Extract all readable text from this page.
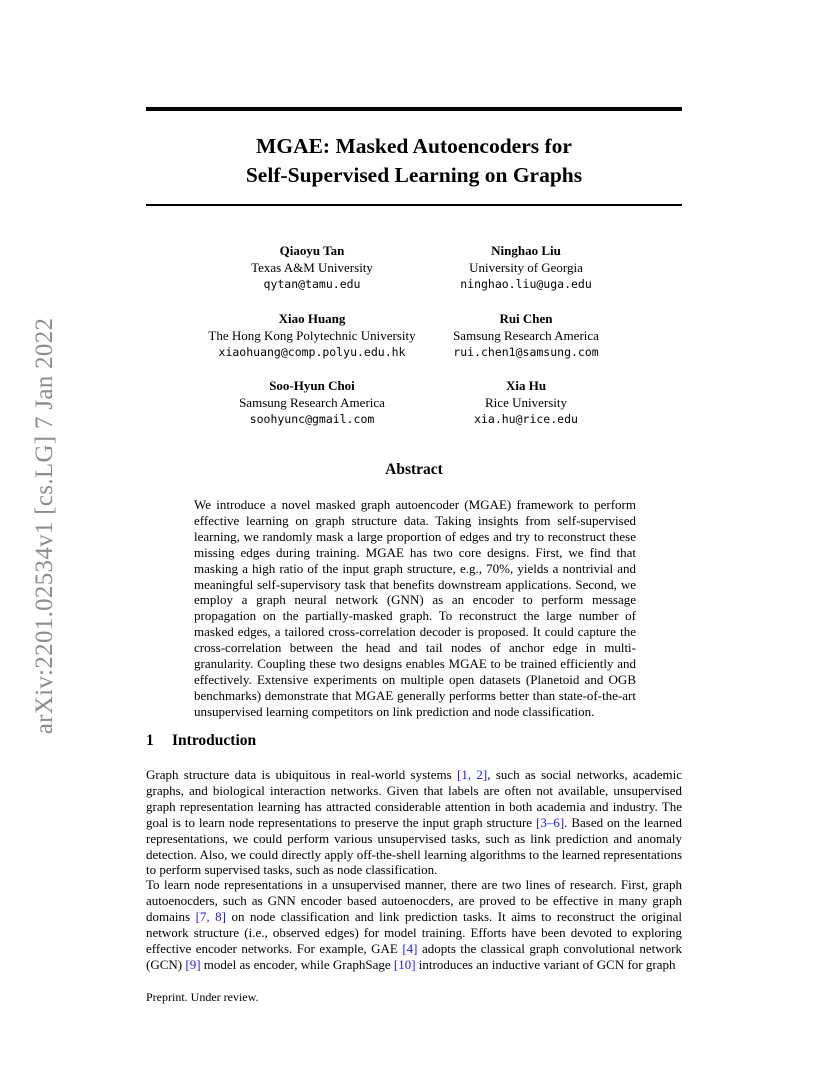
arXiv:2201.02534v1 [cs.LG] 7 Jan 2022
MGAE: Masked Autoencoders for
Self-Supervised Learning on Graphs
Qiaoyu Tan
Texas A&M University
qytan@tamu.edu
Ninghao Liu
University of Georgia
ninghao.liu@uga.edu
Xiao Huang
The Hong Kong Polytechnic University
xiaohuang@comp.polyu.edu.hk
Rui Chen
Samsung Research America
rui.chen1@samsung.com
Soo-Hyun Choi
Samsung Research America
soohyunc@gmail.com
Xia Hu
Rice University
xia.hu@rice.edu
Abstract

We introduce a novel masked graph autoencoder (MGAE) framework to perform effective learning on graph structure data. Taking insights from self-supervised learning, we randomly mask a large proportion of edges and try to reconstruct these missing edges during training. MGAE has two core designs. First, we find that masking a high ratio of the input graph structure, e.g., 70%, yields a nontrivial and meaningful self-supervisory task that benefits downstream applications. Second, we employ a graph neural network (GNN) as an encoder to perform message propagation on the partially-masked graph. To reconstruct the large number of masked edges, a tailored cross-correlation decoder is proposed. It could capture the cross-correlation between the head and tail nodes of anchor edge in multi-granularity. Coupling these two designs enables MGAE to be trained efficiently and effectively. Extensive experiments on multiple open datasets (Planetoid and OGB benchmarks) demonstrate that MGAE generally performs better than state-of-the-art unsupervised learning competitors on link prediction and node classification.

1 Introduction

Graph structure data is ubiquitous in real-world systems [1, 2], such as social networks, academic graphs, and biological interaction networks. Given that labels are often not available, unsupervised graph representation learning has attracted considerable attention in both academia and industry. The goal is to learn node representations to preserve the input graph structure [3–6]. Based on the learned representations, we could perform various unsupervised tasks, such as link prediction and anomaly detection. Also, we could directly apply off-the-shell learning algorithms to the learned representations to perform supervised tasks, such as node classification.

To learn node representations in a unsupervised manner, there are two lines of research. First, graph autoenocders, such as GNN encoder based autoenocders, are proved to be effective in many graph domains [7, 8] on node classification and link prediction tasks. It aims to reconstruct the original network structure (i.e., observed edges) for model training. Efforts have been devoted to exploring effective encoder networks. For example, GAE [4] adopts the classical graph convolutional network (GCN) [9] model as encoder, while GraphSage [10] introduces an inductive variant of GCN for graph

Preprint. Under review.
